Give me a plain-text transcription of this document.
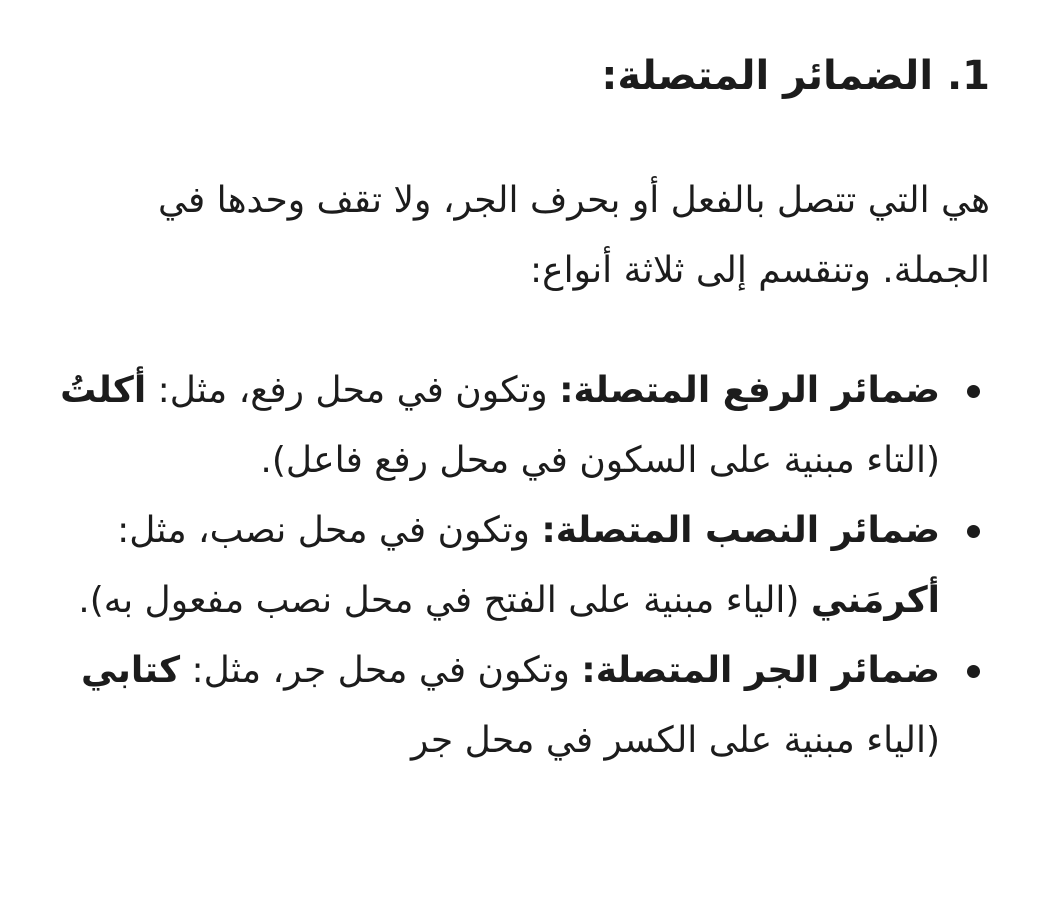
1. الضمائر المتصلة:

هي التي تتصل بالفعل أو بحرف الجر، ولا تقف وحدها في الجملة. وتنقسم إلى ثلاثة أنواع:

ضمائر الرفع المتصلة: وتكون في محل رفع، مثل: أكلتُ (التاء مبنية على السكون في محل رفع فاعل).
ضمائر النصب المتصلة: وتكون في محل نصب، مثل: أكرمَني (الياء مبنية على الفتح في محل نصب مفعول به).
ضمائر الجر المتصلة: وتكون في محل جر، مثل: كتابي (الياء مبنية على الكسر في محل جر
